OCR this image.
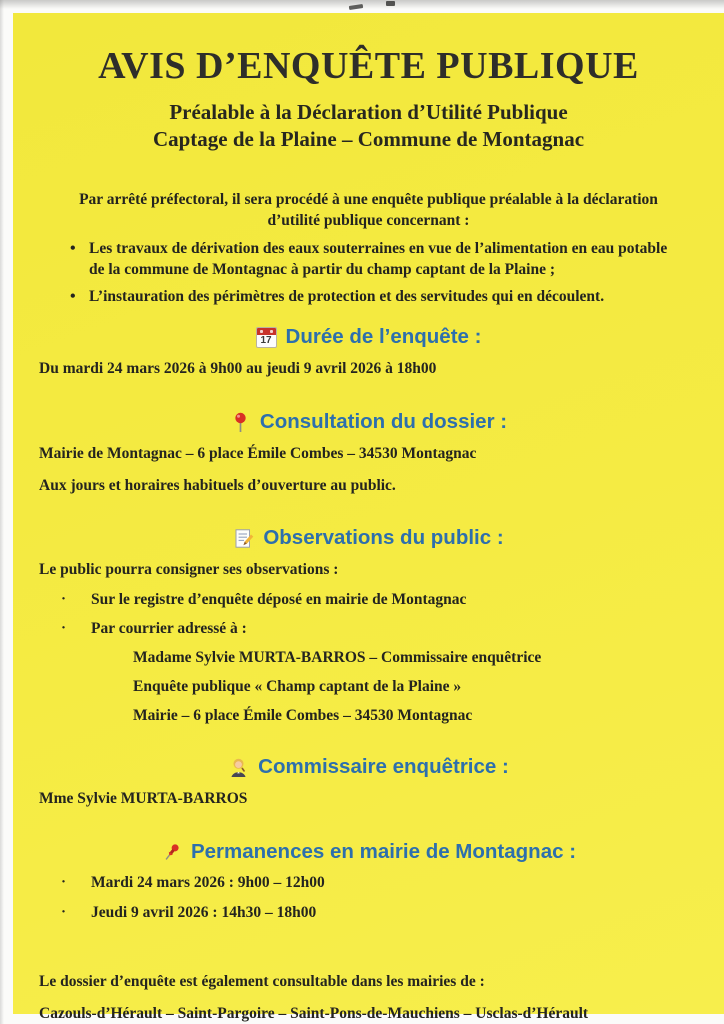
AVIS D’ENQUÊTE PUBLIQUE
Préalable à la Déclaration d’Utilité Publique
Captage de la Plaine – Commune de Montagnac
Par arrêté préfectoral, il sera procédé à une enquête publique préalable à la déclaration d’utilité publique concernant :
• Les travaux de dérivation des eaux souterraines en vue de l’alimentation en eau potable de la commune de Montagnac à partir du champ captant de la Plaine ;
• L’instauration des périmètres de protection et des servitudes qui en découlent.
17 Durée de l’enquête :
Du mardi 24 mars 2026 à 9h00 au jeudi 9 avril 2026 à 18h00
Consultation du dossier :
Mairie de Montagnac – 6 place Émile Combes – 34530 Montagnac
Aux jours et horaires habituels d’ouverture au public.
Observations du public :
Le public pourra consigner ses observations :
·	Sur le registre d’enquête déposé en mairie de Montagnac
·	Par courrier adressé à :
Madame Sylvie MURTA-BARROS – Commissaire enquêtrice
Enquête publique « Champ captant de la Plaine »
Mairie – 6 place Émile Combes – 34530 Montagnac
Commissaire enquêtrice :
Mme Sylvie MURTA-BARROS
Permanences en mairie de Montagnac :
·	Mardi 24 mars 2026 : 9h00 – 12h00
·	Jeudi 9 avril 2026 : 14h30 – 18h00
Le dossier d’enquête est également consultable dans les mairies de :
Cazouls-d’Hérault – Saint-Pargoire – Saint-Pons-de-Mauchiens – Usclas-d’Hérault
